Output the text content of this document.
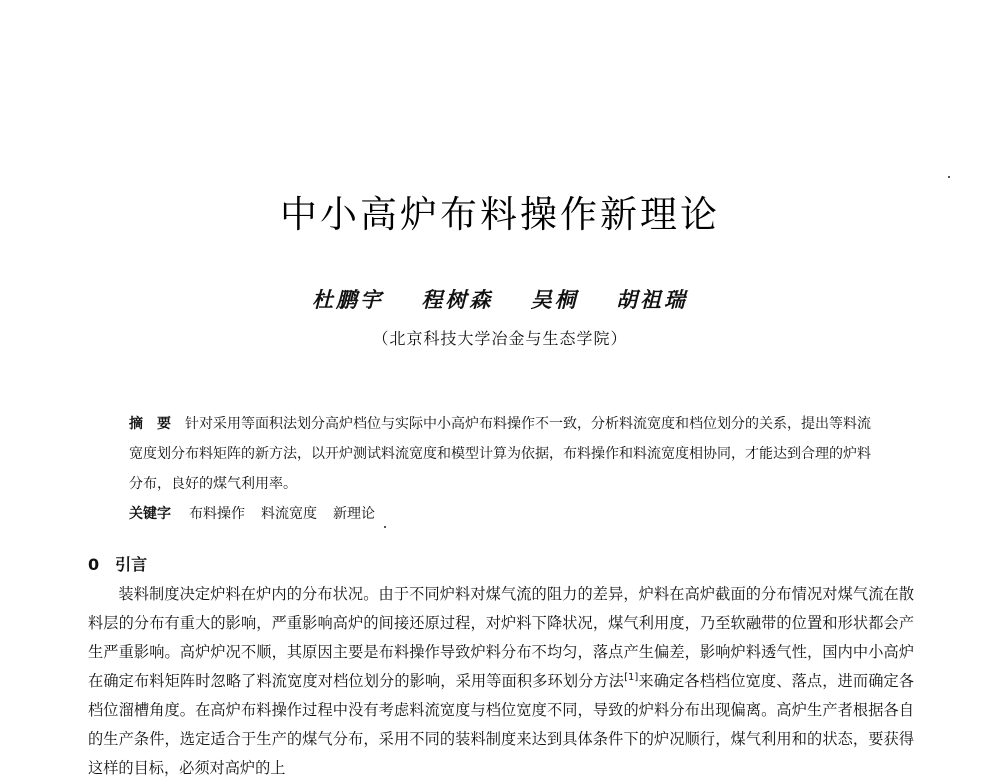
中小高炉布料操作新理论
杜鹏宇 程树森 吴桐 胡祖瑞
（北京科技大学冶金与生态学院）

摘　要 针对采用等面积法划分高炉档位与实际中小高炉布料操作不一致，分析料流宽度和档位划分的关系，提出等料流宽度划分布料矩阵的新方法，以开炉测试料流宽度和模型计算为依据，布料操作和料流宽度相协同，才能达到合理的炉料分布，良好的煤气利用率。

关键字 布料操作 料流宽度 新理论

0 引言

装料制度决定炉料在炉内的分布状况。由于不同炉料对煤气流的阻力的差异，炉料在高炉截面的分布情况对煤气流在散料层的分布有重大的影响，严重影响高炉的间接还原过程，对炉料下降状况，煤气利用度，乃至软融带的位置和形状都会产生严重影响。高炉炉况不顺，其原因主要是布料操作导致炉料分布不均匀，落点产生偏差，影响炉料透气性，国内中小高炉在确定布料矩阵时忽略了料流宽度对档位划分的影响，采用等面积多环划分方法[1]来确定各档档位宽度、落点，进而确定各档位溜槽角度。在高炉布料操作过程中没有考虑料流宽度与档位宽度不同，导致的炉料分布出现偏离。高炉生产者根据各自的生产条件，选定适合于生产的煤气分布，采用不同的装料制度来达到具体条件下的炉况顺行，煤气利用和的状态，要获得这样的目标，必须对高炉的上
